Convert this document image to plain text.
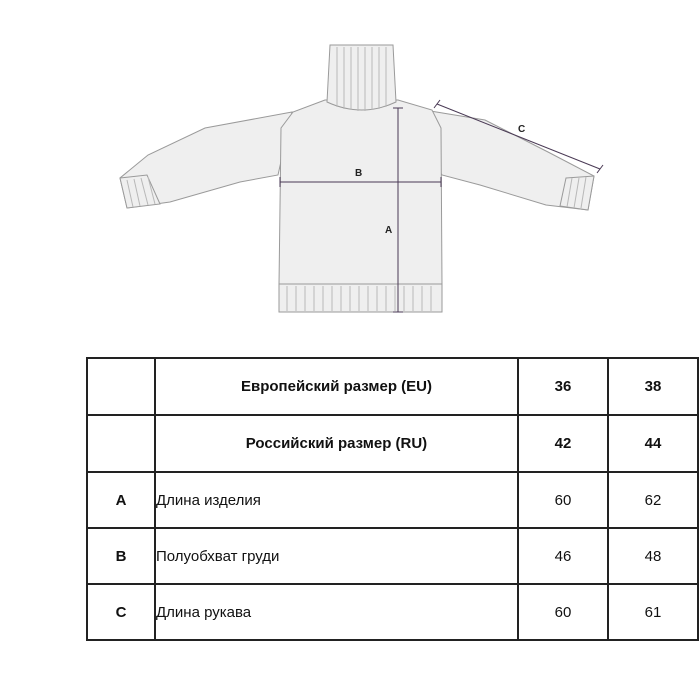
A
B
C
	Европейский размер (EU)	36	38
	Российский размер (RU)	42	44
A	Длина изделия	60	62
B	Полуобхват груди	46	48
C	Длина рукава	60	61
